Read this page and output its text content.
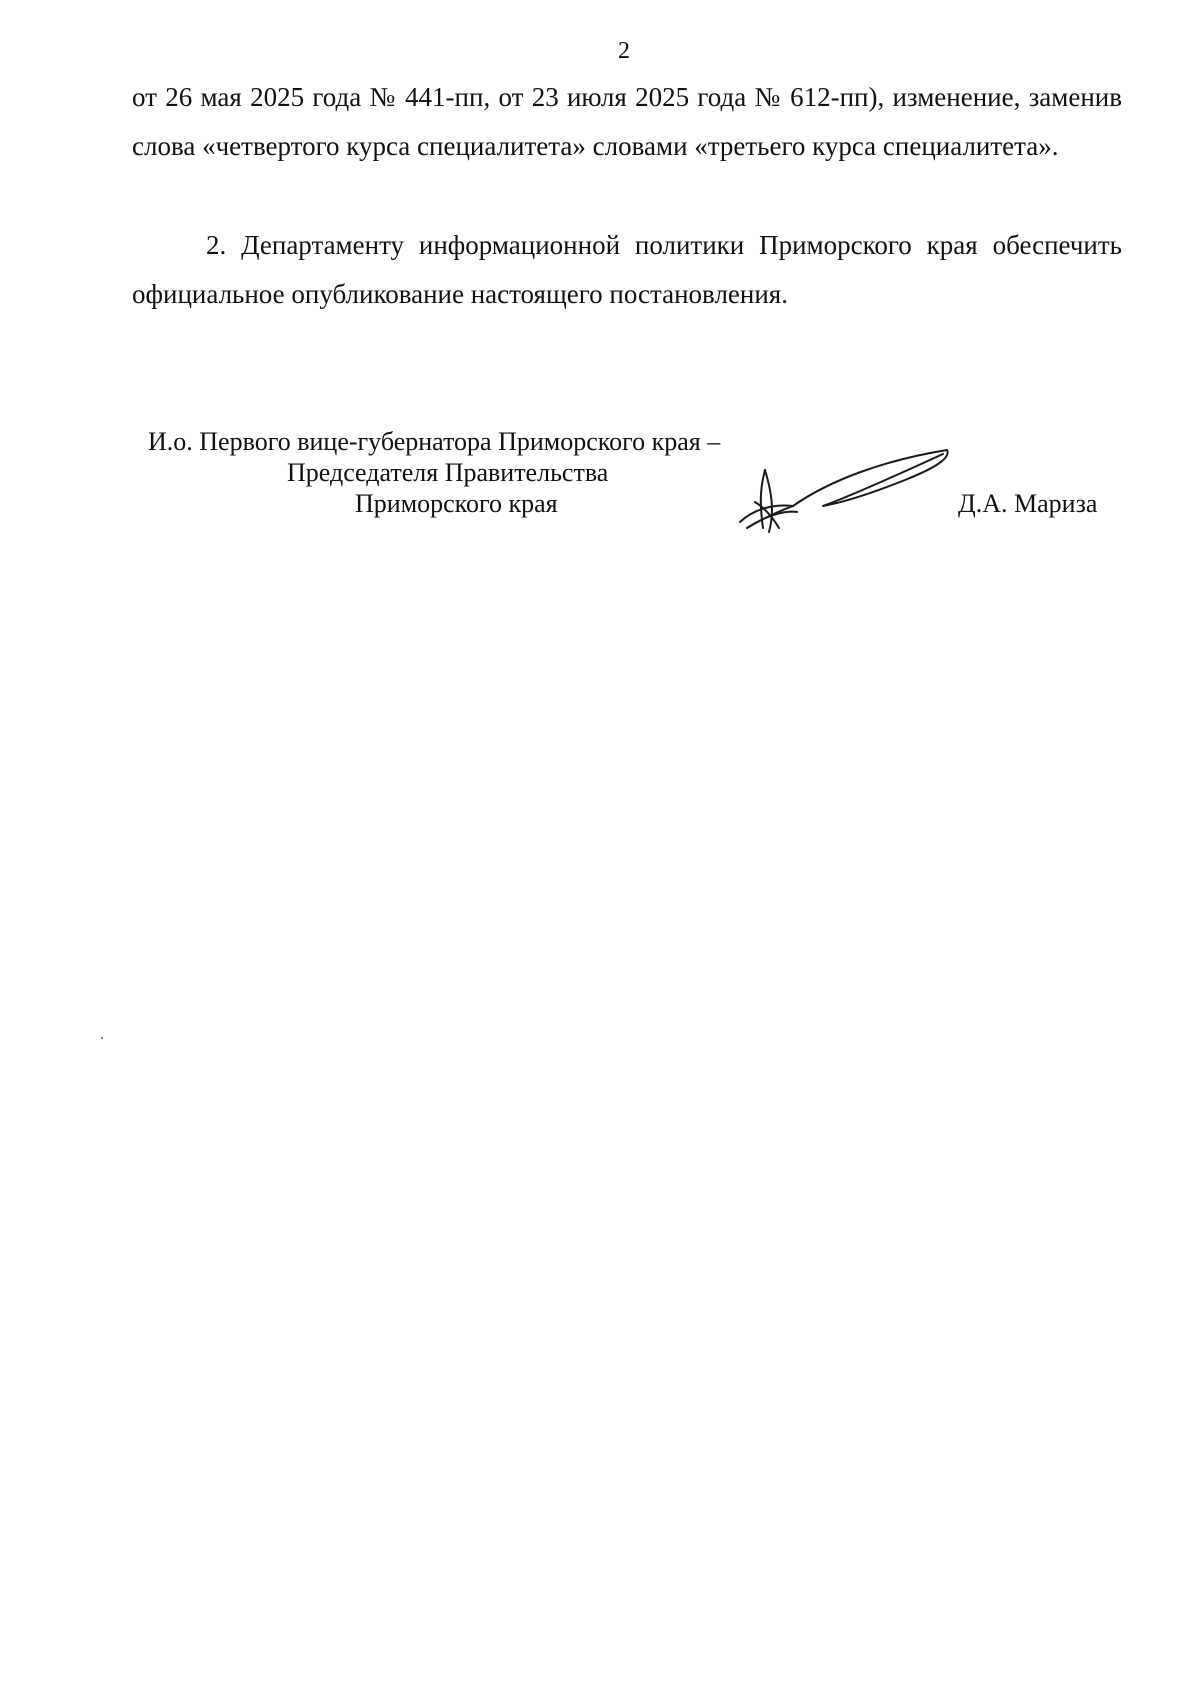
2

от 26 мая 2025 года № 441-пп, от 23 июля 2025 года № 612-пп), изменение, заменив слова «четвертого курса специалитета» словами «третьего курса специалитета».

2. Департаменту информационной политики Приморского края обеспечить официальное опубликование настоящего постановления.

И.о. Первого вице-губернатора Приморского края –
Председателя Правительства
Приморского края	Д.А. Мариза
